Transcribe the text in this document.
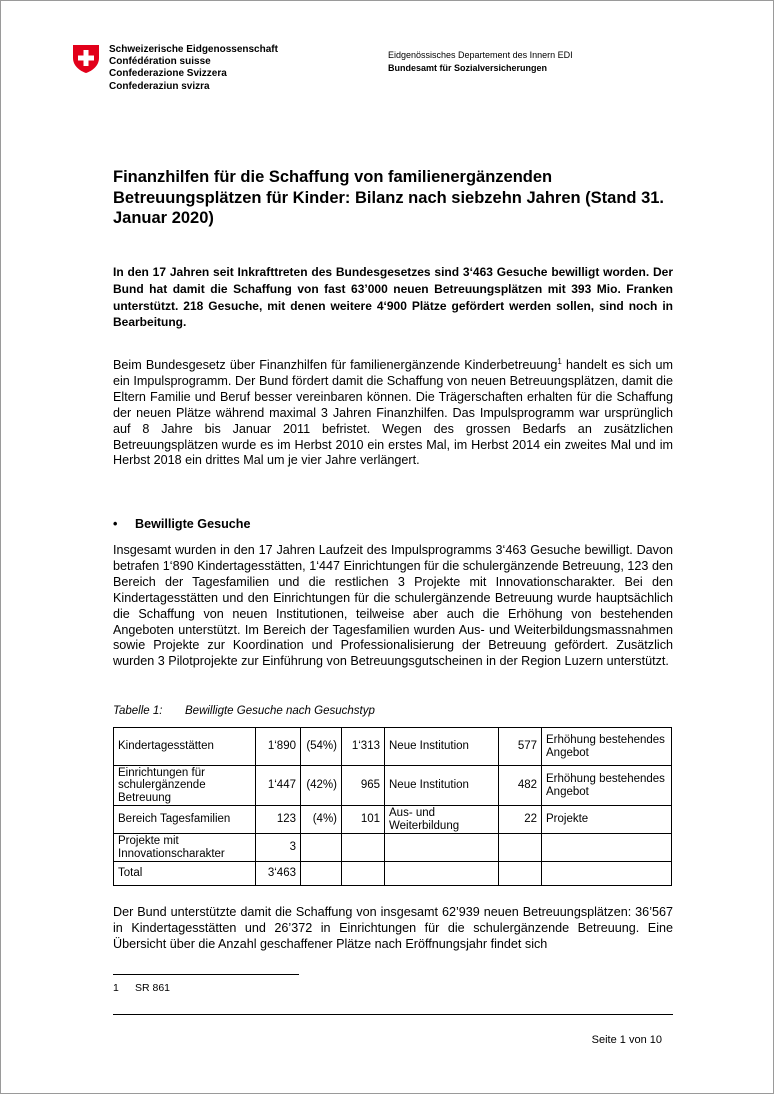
Schweizerische Eidgenossenschaft
Confédération suisse
Confederazione Svizzera
Confederaziun svizra
Eidgenössisches Departement des Innern EDI
Bundesamt für Sozialversicherungen
Finanzhilfen für die Schaffung von familienergänzenden Betreuungsplätzen für Kinder: Bilanz nach siebzehn Jahren (Stand 31. Januar 2020)

In den 17 Jahren seit Inkrafttreten des Bundesgesetzes sind 3‘463 Gesuche bewilligt worden. Der Bund hat damit die Schaffung von fast 63’000 neuen Betreuungsplätzen mit 393 Mio. Franken unterstützt. 218 Gesuche, mit denen weitere 4‘900 Plätze gefördert werden sollen, sind noch in Bearbeitung.

Beim Bundesgesetz über Finanzhilfen für familienergänzende Kinderbetreuung$^1$ handelt es sich um ein Impulsprogramm. Der Bund fördert damit die Schaffung von neuen Betreuungsplätzen, damit die Eltern Familie und Beruf besser vereinbaren können. Die Trägerschaften erhalten für die Schaffung der neuen Plätze während maximal 3 Jahren Finanzhilfen. Das Impulsprogramm war ursprünglich auf 8 Jahre bis Januar 2011 befristet. Wegen des grossen Bedarfs an zusätzlichen Betreuungsplätzen wurde es im Herbst 2010 ein erstes Mal, im Herbst 2014 ein zweites Mal und im Herbst 2018 ein drittes Mal um je vier Jahre verlängert.

• Bewilligte Gesuche

Insgesamt wurden in den 17 Jahren Laufzeit des Impulsprogramms 3‘463 Gesuche bewilligt. Davon betrafen 1‘890 Kindertagesstätten, 1‘447 Einrichtungen für die schulergänzende Betreuung, 123 den Bereich der Tagesfamilien und die restlichen 3 Projekte mit Innovationscharakter. Bei den Kindertagesstätten und den Einrichtungen für die schulergänzende Betreuung wurde hauptsächlich die Schaffung von neuen Institutionen, teilweise aber auch die Erhöhung von bestehenden Angeboten unterstützt. Im Bereich der Tagesfamilien wurden Aus- und Weiterbildungsmassnahmen sowie Projekte zur Koordination und Professionalisierung der Betreuung gefördert. Zusätzlich wurden 3 Pilotprojekte zur Einführung von Betreuungsgutscheinen in der Region Luzern unterstützt.

Tabelle 1: Bewilligte Gesuche nach Gesuchstyp
Kindertagesstätten	1‘890	(54%)	1‘313	Neue Institution	577	Erhöhung bestehendes Angebot
Einrichtungen für schulergänzende Betreuung	1‘447	(42%)	965	Neue Institution	482	Erhöhung bestehendes Angebot
Bereich Tagesfamilien	123	(4%)	101	Aus- und Weiterbildung	22	Projekte
Projekte mit Innovationscharakter	3					
Total	3‘463					

Der Bund unterstützte damit die Schaffung von insgesamt 62’939 neuen Betreuungsplätzen: 36’567 in Kindertagesstätten und 26’372 in Einrichtungen für die schulergänzende Betreuung. Eine Übersicht über die Anzahl geschaffener Plätze nach Eröffnungsjahr findet sich

1 SR 861
Seite 1 von 10
